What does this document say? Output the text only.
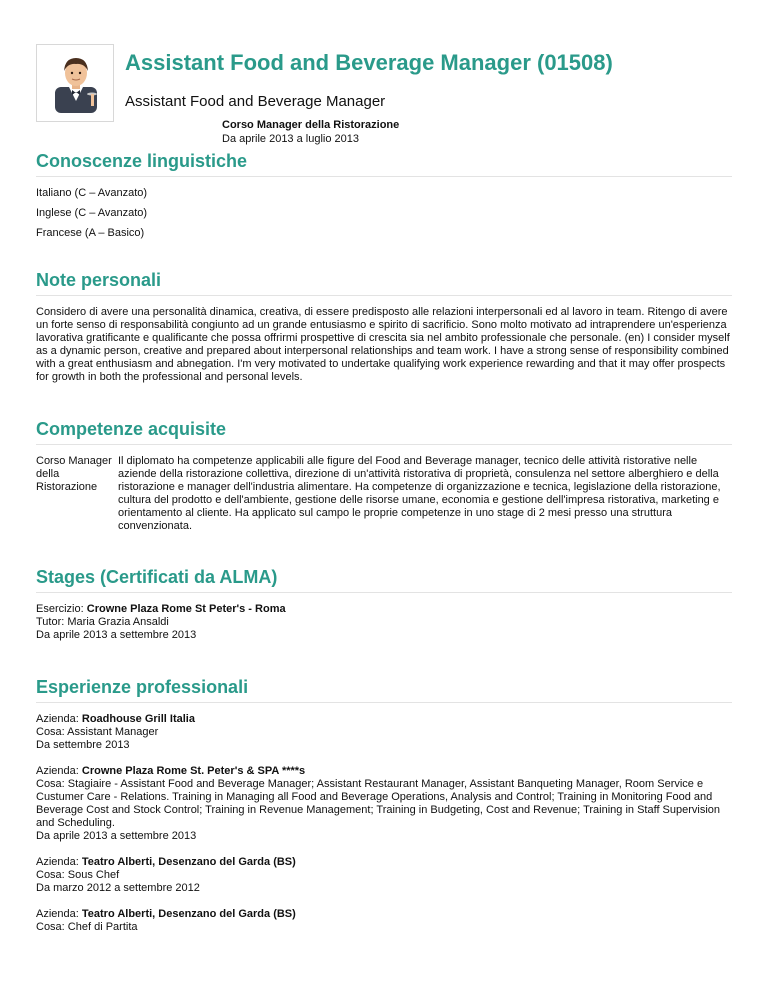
Assistant Food and Beverage Manager (01508)
Assistant Food and Beverage Manager
Corso Manager della Ristorazione
Da aprile 2013 a luglio 2013
Conoscenze linguistiche
Italiano (C – Avanzato)
Inglese (C – Avanzato)
Francese (A – Basico)
Note personali
Considero di avere una personalità dinamica, creativa, di essere predisposto alle relazioni interpersonali ed al lavoro in team. Ritengo di avere un forte senso di responsabilità congiunto ad un grande entusiasmo e spirito di sacrificio. Sono molto motivato ad intraprendere un'esperienza lavorativa gratificante e qualificante che possa offrirmi prospettive di crescita sia nel ambito professionale che personale. (en) I consider myself as a dynamic person, creative and prepared about interpersonal relationships and team work. I have a strong sense of responsibility combined with a great enthusiasm and abnegation. I'm very motivated to undertake qualifying work experience rewarding and that it may offer prospects for growth in both the professional and personal levels.
Competenze acquisite
Corso Manager della Ristorazione
Il diplomato ha competenze applicabili alle figure del Food and Beverage manager, tecnico delle attività ristorative nelle aziende della ristorazione collettiva, direzione di un'attività ristorativa di proprietà, consulenza nel settore alberghiero e della ristorazione e manager dell'industria alimentare. Ha competenze di organizzazione e tecnica, legislazione della ristorazione, cultura del prodotto e dell'ambiente, gestione delle risorse umane, economia e gestione dell'impresa ristorativa, marketing e orientamento al cliente. Ha applicato sul campo le proprie competenze in uno stage di 2 mesi presso una struttura convenzionata.
Stages (Certificati da ALMA)
Esercizio: Crowne Plaza Rome St Peter's - Roma
Tutor: Maria Grazia Ansaldi
Da aprile 2013 a settembre 2013
Esperienze professionali
Azienda: Roadhouse Grill Italia
Cosa: Assistant Manager
Da settembre 2013
Azienda: Crowne Plaza Rome St. Peter's & SPA ****s
Cosa: Stagiaire - Assistant Food and Beverage Manager; Assistant Restaurant Manager, Assistant Banqueting Manager, Room Service e Custumer Care - Relations. Training in Managing all Food and Beverage Operations, Analysis and Control; Training in Monitoring Food and Beverage Cost and Stock Control; Training in Revenue Management; Training in Budgeting, Cost and Revenue; Training in Staff Supervision and Scheduling.
Da aprile 2013 a settembre 2013
Azienda: Teatro Alberti, Desenzano del Garda (BS)
Cosa: Sous Chef
Da marzo 2012 a settembre 2012
Azienda: Teatro Alberti, Desenzano del Garda (BS)
Cosa: Chef di Partita
